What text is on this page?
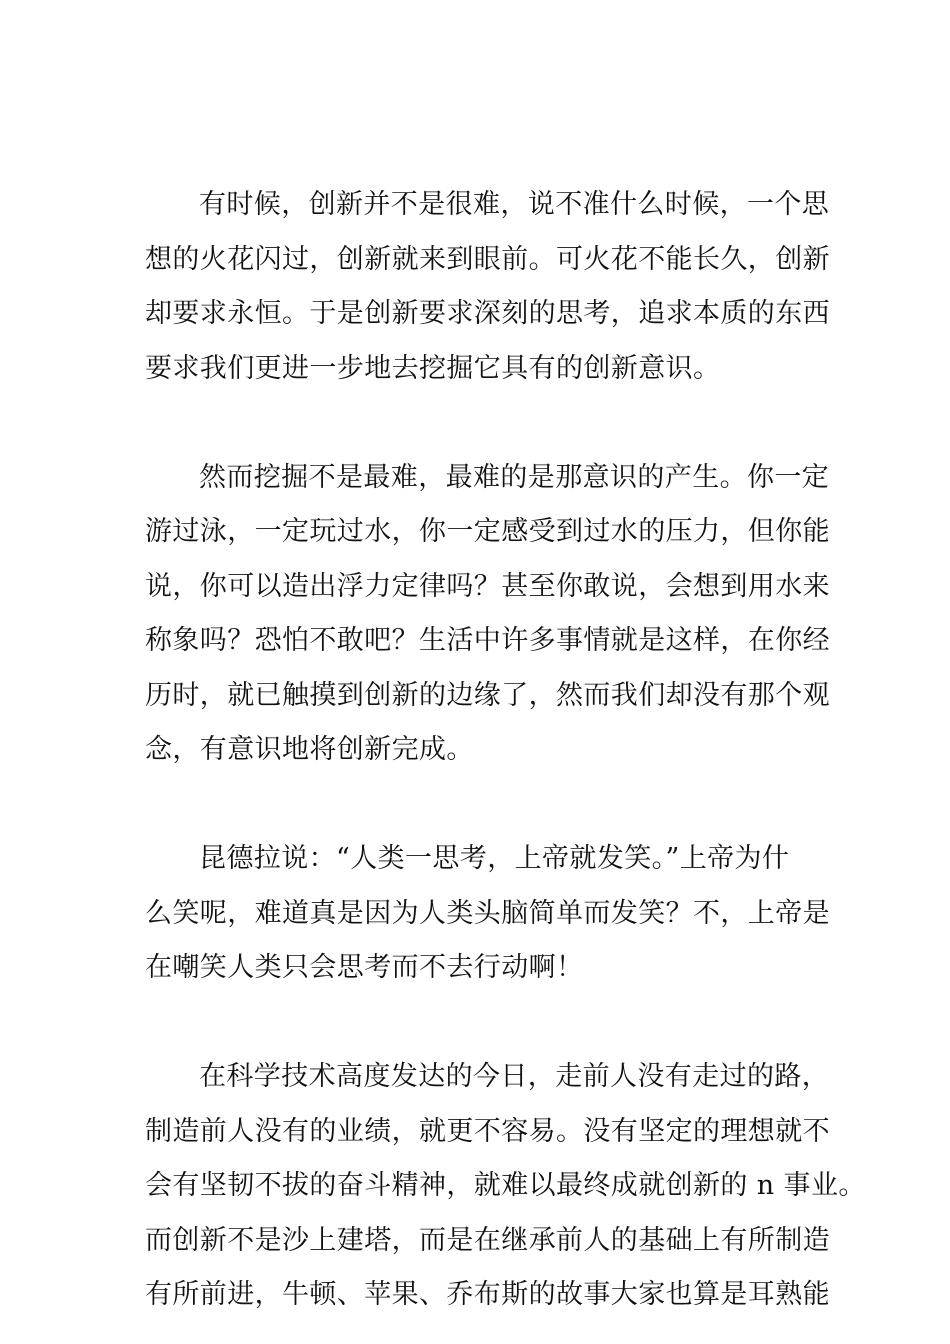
有时候，创新并不是很难，说不准什么时候，一个思
想的火花闪过，创新就来到眼前。可火花不能长久，创新
却要求永恒。于是创新要求深刻的思考，追求本质的东西
要求我们更进一步地去挖掘它具有的创新意识。

然而挖掘不是最难，最难的是那意识的产生。你一定
游过泳，一定玩过水，你一定感受到过水的压力，但你能
说，你可以造出浮力定律吗？甚至你敢说，会想到用水来
称象吗？恐怕不敢吧？生活中许多事情就是这样，在你经
历时，就已触摸到创新的边缘了，然而我们却没有那个观
念，有意识地将创新完成。

昆德拉说：“人类一思考，上帝就发笑。”上帝为什
么笑呢，难道真是因为人类头脑简单而发笑？不，上帝是
在嘲笑人类只会思考而不去行动啊！

在科学技术高度发达的今日，走前人没有走过的路，
制造前人没有的业绩，就更不容易。没有坚定的理想就不
会有坚韧不拔的奋斗精神，就难以最终成就创新的 n 事业。
而创新不是沙上建塔，而是在继承前人的基础上有所制造
有所前进，牛顿、苹果、乔布斯的故事大家也算是耳熟能
